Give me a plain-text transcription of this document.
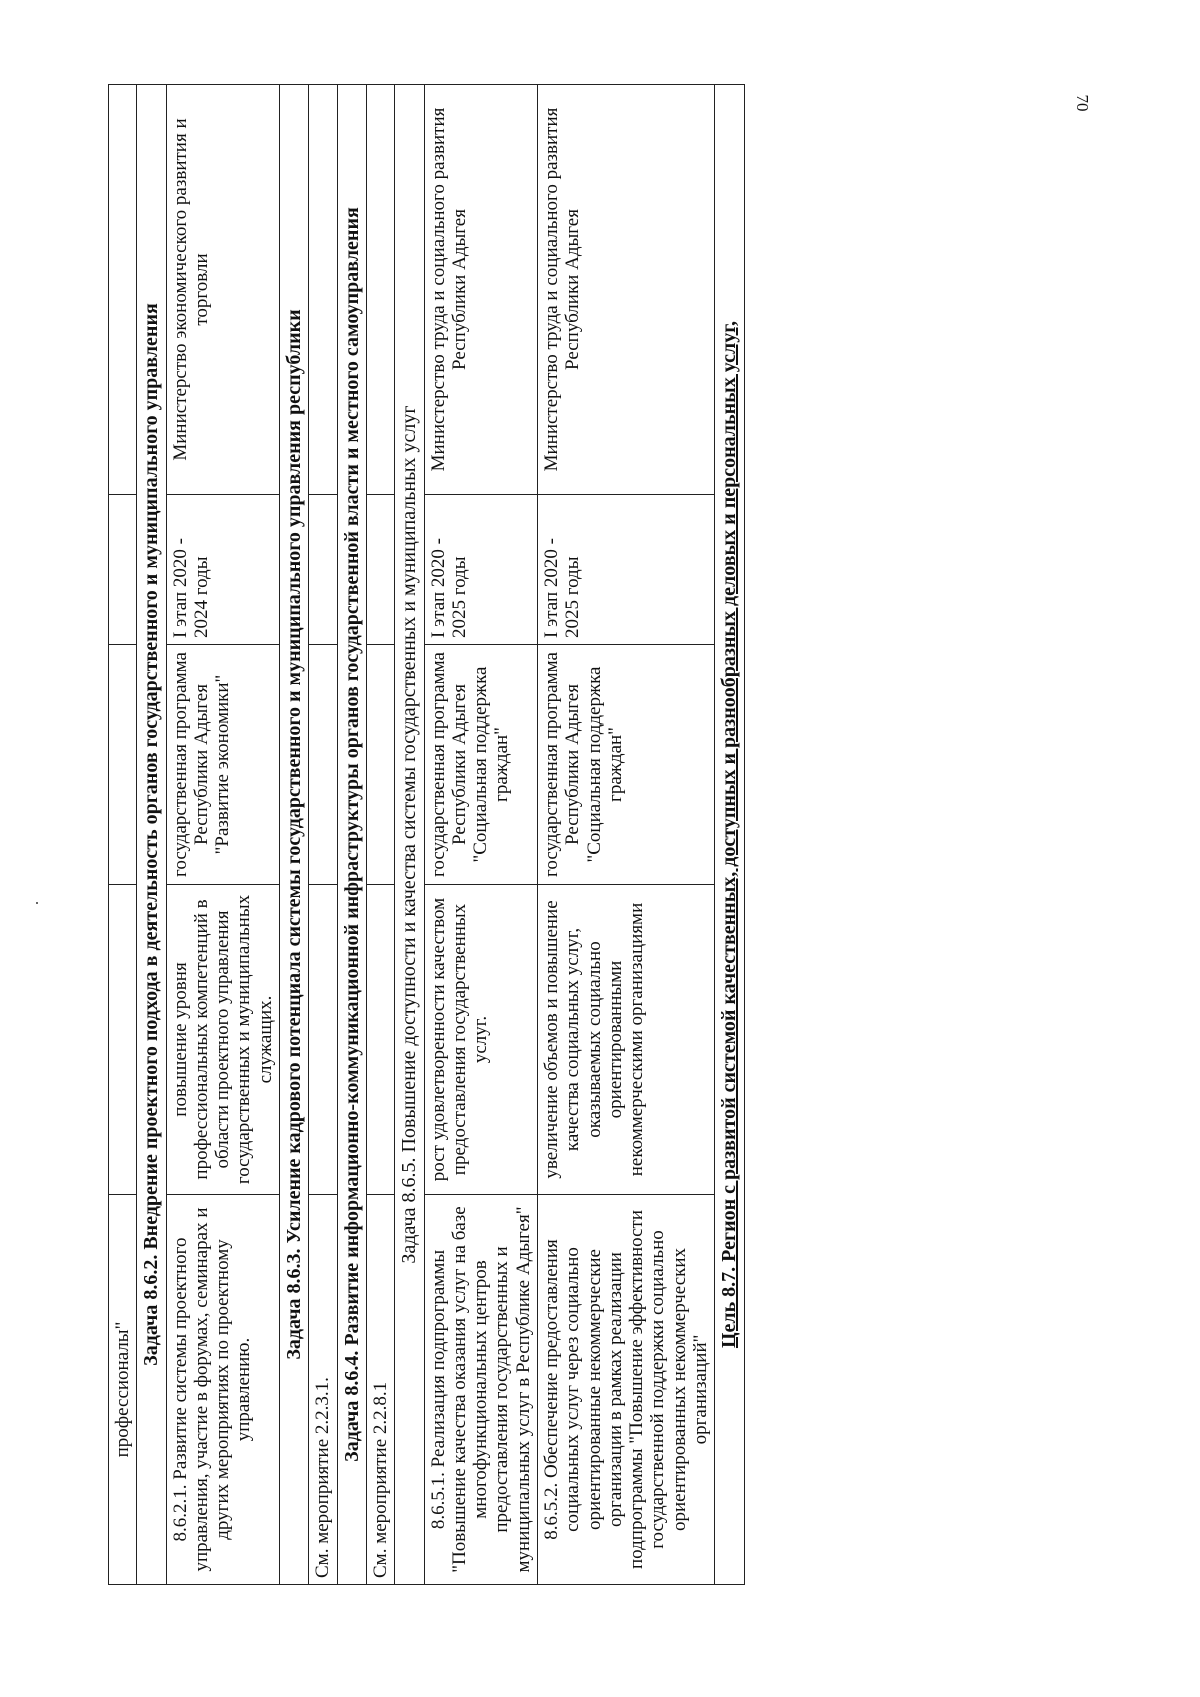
70
профессионалы"				
Задача 8.6.2. Внедрение проектного подхода в деятельность органов государственного и муниципального управления				
8.6.2.1. Развитие системы проектного управления, участие в форумах, семинарах и других мероприятиях по проектному управлению.	повышение уровня профессиональных компетенций в области проектного управления государственных и муниципальных служащих.	государственная программа Республики Адыгея "Развитие экономики"	I этап 2020 - 2024 годы	Министерство экономического развития и торговли
Задача 8.6.3. Усиление кадрового потенциала системы государственного и муниципального управления республики				
См. мероприятие 2.2.3.1.				
Задача 8.6.4. Развитие информационно-коммуникационной инфраструктуры органов государственной власти и местного самоуправления				
См. мероприятие 2.2.8.1				
Задача 8.6.5. Повышение доступности и качества системы государственных и муниципальных услуг				
8.6.5.1. Реализация подпрограммы "Повышение качества оказания услуг на базе многофункциональных центров предоставления государственных и муниципальных услуг в Республике Адыгея"	рост удовлетворенности качеством предоставления государственных услуг.	государственная программа Республики Адыгея "Социальная поддержка граждан"	I этап 2020 - 2025 годы	Министерство труда и социального развития Республики Адыгея
8.6.5.2. Обеспечение предоставления социальных услуг через социально ориентированные некоммерческие организации в рамках реализации подпрограммы "Повышение эффективности государственной поддержки социально ориентированных некоммерческих организаций"	увеличение объемов и повышение качества социальных услуг, оказываемых социально ориентированными некоммерческими организациями	государственная программа Республики Адыгея "Социальная поддержка граждан"	I этап 2020 - 2025 годы	Министерство труда и социального развития Республики Адыгея
Цель 8.7. Регион с развитой системой качественных, доступных и разнообразных деловых и персональных услуг,				
